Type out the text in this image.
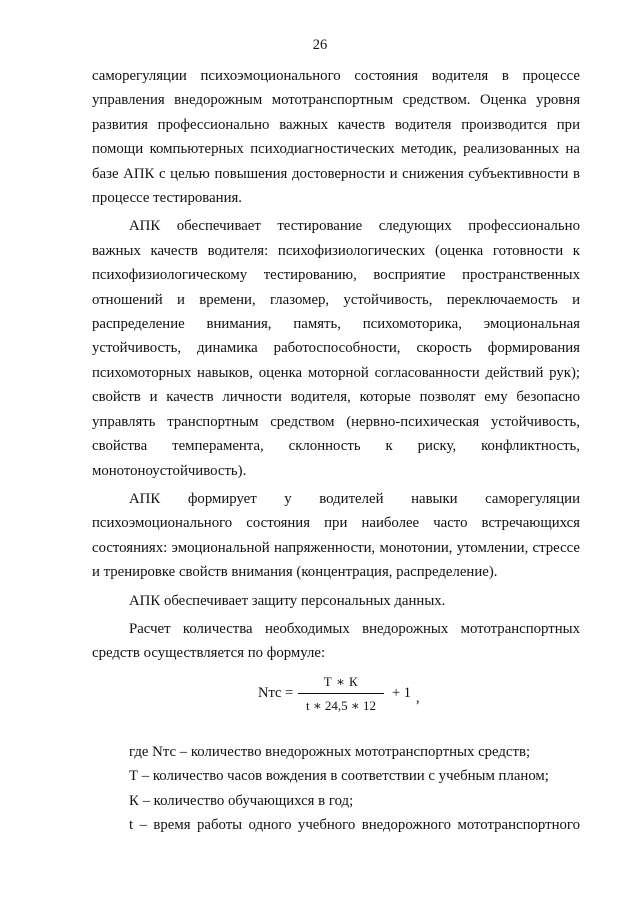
26

саморегуляции психоэмоционального состояния водителя в процессе управления внедорожным мототранспортным средством. Оценка уровня развития профессионально важных качеств водителя производится при помощи компьютерных психодиагностических методик, реализованных на базе АПК с целью повышения достоверности и снижения субъективности в процессе тестирования.

АПК обеспечивает тестирование следующих профессионально важных качеств водителя: психофизиологических (оценка готовности к психофизиологическому тестированию, восприятие пространственных отношений и времени, глазомер, устойчивость, переключаемость и распределение внимания, память, психомоторика, эмоциональная устойчивость, динамика работоспособности, скорость формирования психомоторных навыков, оценка моторной согласованности действий рук); свойств и качеств личности водителя, которые позволят ему безопасно управлять транспортным средством (нервно-психическая устойчивость, свойства темперамента, склонность к риску, конфликтность, монотоноустойчивость).

АПК формирует у водителей навыки саморегуляции психоэмоционального состояния при наиболее часто встречающихся состояниях: эмоциональной напряженности, монотонии, утомлении, стрессе и тренировке свойств внимания (концентрация, распределение).

АПК обеспечивает защиту персональных данных.

Расчет количества необходимых внедорожных мототранспортных средств осуществляется по формуле:

Nтс =
Т ∗ К
t ∗ 24,5 ∗ 12
+ 1 ,

где Nтс – количество внедорожных мототранспортных средств;

Т – количество часов вождения в соответствии с учебным планом;

К – количество обучающихся в год;

t – время работы одного учебного внедорожного мототранспортного
